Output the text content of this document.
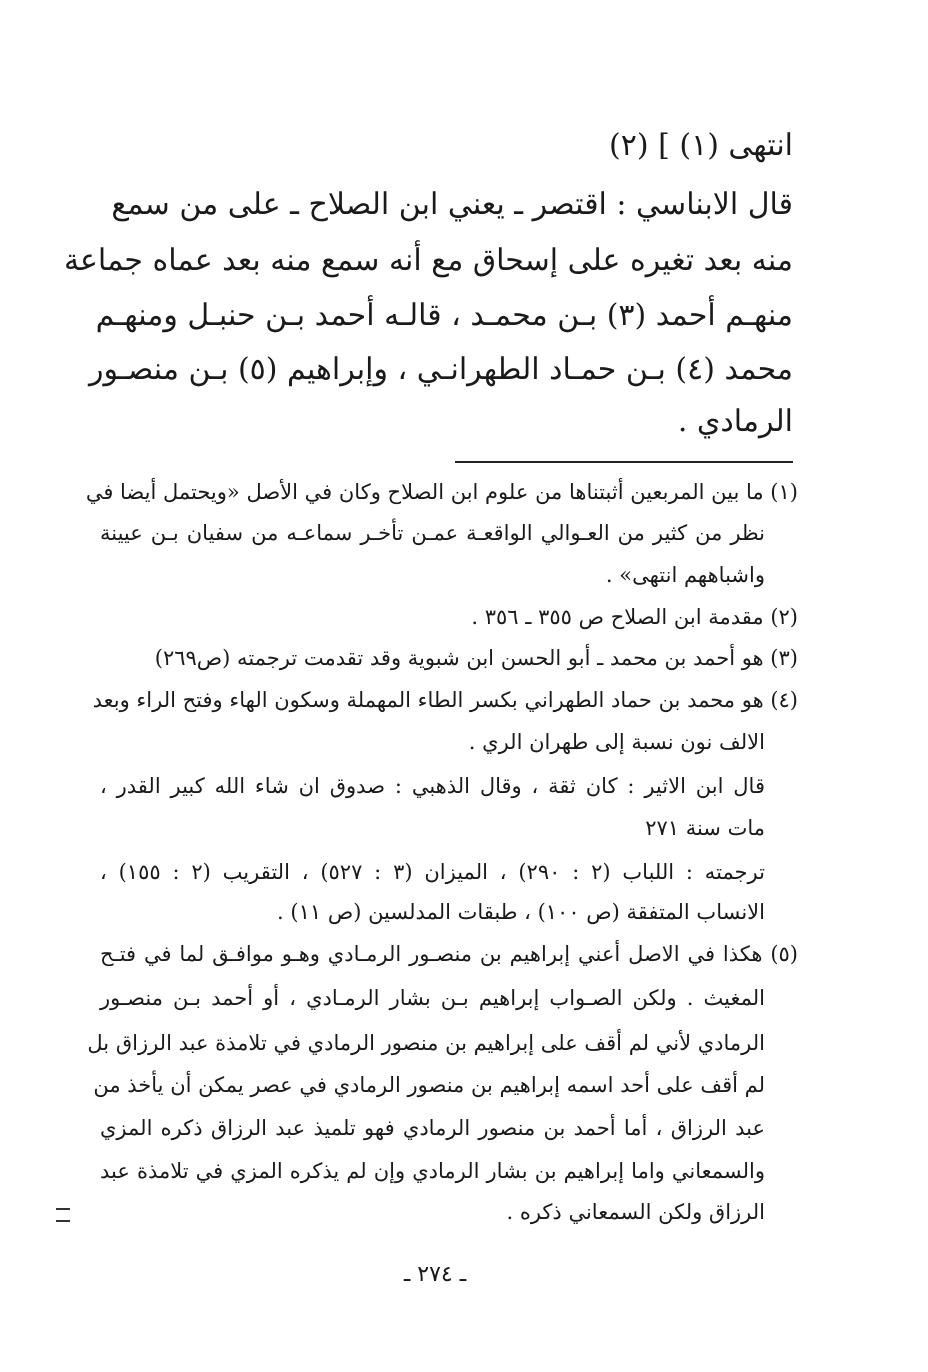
انتهى (١) ] (٢)
قال الابناسي : اقتصر ـ يعني ابن الصلاح ـ على من سمع
منه بعد تغيره على إسحاق مع أنه سمع منه بعد عماه جماعة
منهـم أحمد (٣) بـن محمـد ، قالـه أحمد بـن حنبـل ومنهـم
محمد (٤) بـن حمـاد الطهرانـي ، وإبراهيم (٥) بـن منصـور
الرمادي .
(١) ما بين المربعين أثبتناها من علوم ابن الصلاح وكان في الأصل «ويحتمل أيضا في
نظر من كثير من العـوالي الواقعـة عمـن تأخـر سماعـه من سفيان بـن عيينة
واشباههم انتهى» .
(٢) مقدمة ابن الصلاح ص ٣٥٥ ـ ٣٥٦ .
(٣) هو أحمد بن محمد ـ أبو الحسن ابن شبوية وقد تقدمت ترجمته (ص٢٦٩)
(٤) هو محمد بن حماد الطهراني بكسر الطاء المهملة وسكون الهاء وفتح الراء وبعد
الالف نون نسبة إلى طهران الري .
قال ابن الاثير : كان ثقة ، وقال الذهبي : صدوق ان شاء الله كبير القدر ،
مات سنة ٢٧١
ترجمته : اللباب (٢ : ٢٩٠) ، الميزان (٣ : ٥٢٧) ، التقريب (٢ : ١٥٥) ،
الانساب المتفقة (ص ١٠٠) ، طبقات المدلسين (ص ١١) .
(٥) هكذا في الاصل أعني إبراهيم بن منصـور الرمـادي وهـو موافـق لما في فتـح
المغيث . ولكن الصـواب إبراهيم بـن بشار الرمـادي ، أو أحمد بـن منصـور
الرمادي لأني لم أقف على إبراهيم بن منصور الرمادي في تلامذة عبد الرزاق بل
لم أقف على أحد اسمه إبراهيم بن منصور الرمادي في عصر يمكن أن يأخذ من
عبد الرزاق ، أما أحمد بن منصور الرمادي فهو تلميذ عبد الرزاق ذكره المزي
والسمعاني واما إبراهيم بن بشار الرمادي وإن لم يذكره المزي في تلامذة عبد
الرزاق ولكن السمعاني ذكره .
ـ ٢٧٤ ـ
